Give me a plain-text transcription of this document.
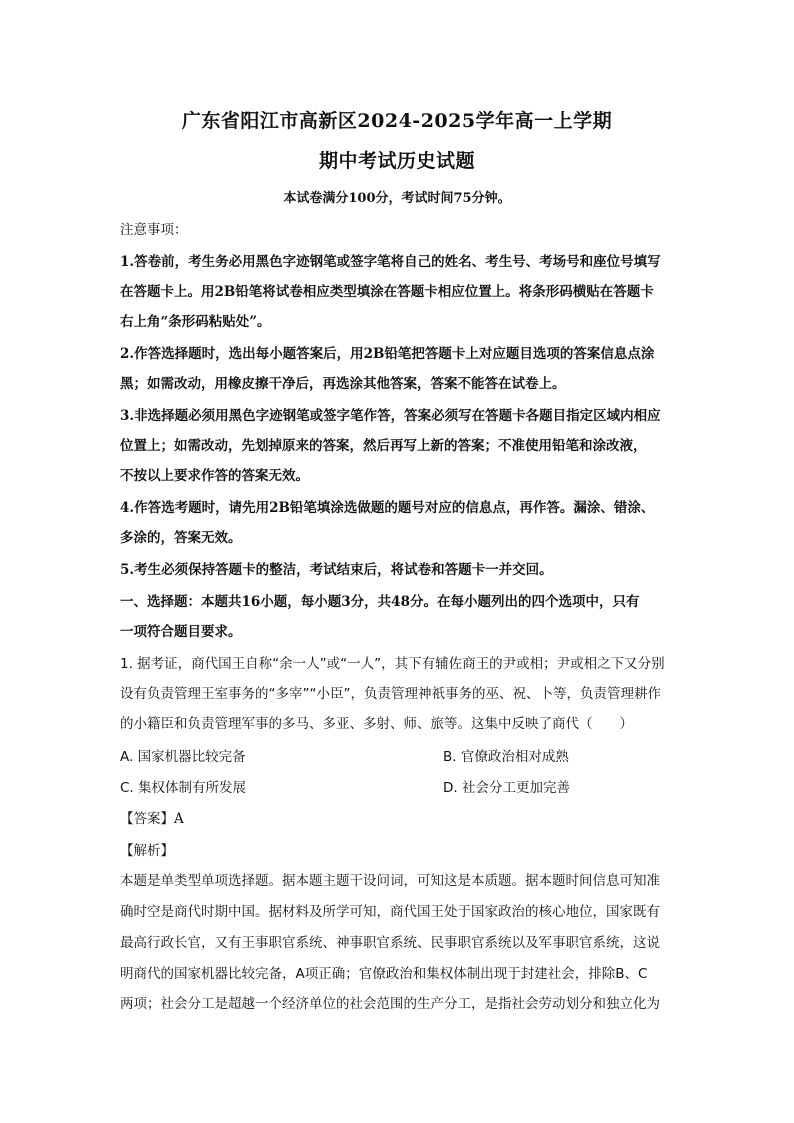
广东省阳江市高新区2024-2025学年高一上学期
期中考试历史试题
本试卷满分100分，考试时间75分钟。
注意事项：
1.答卷前，考生务必用黑色字迹钢笔或签字笔将自己的姓名、考生号、考场号和座位号填写
在答题卡上。用2B铅笔将试卷相应类型填涂在答题卡相应位置上。将条形码横贴在答题卡
右上角“条形码粘贴处”。
2.作答选择题时，选出每小题答案后，用2B铅笔把答题卡上对应题目选项的答案信息点涂
黑；如需改动，用橡皮擦干净后，再选涂其他答案，答案不能答在试卷上。
3.非选择题必须用黑色字迹钢笔或签字笔作答，答案必须写在答题卡各题目指定区域内相应
位置上；如需改动，先划掉原来的答案，然后再写上新的答案；不准使用铅笔和涂改液，
不按以上要求作答的答案无效。
4.作答选考题时，请先用2B铅笔填涂选做题的题号对应的信息点，再作答。漏涂、错涂、
多涂的，答案无效。
5.考生必须保持答题卡的整洁，考试结束后，将试卷和答题卡一并交回。
一、选择题：本题共16小题，每小题3分，共48分。在每小题列出的四个选项中，只有
一项符合题目要求。
1. 据考证，商代国王自称“余一人”或“一人”，其下有辅佐商王的尹或相；尹或相之下又分别
设有负责管理王室事务的“多宰”“小臣”，负责管理神祇事务的巫、祝、卜等，负责管理耕作
的小籍臣和负责管理军事的多马、多亚、多射、师、旅等。这集中反映了商代（　　）
A. 国家机器比较完备	B. 官僚政治相对成熟
C. 集权体制有所发展	D. 社会分工更加完善
【答案】A
【解析】
本题是单类型单项选择题。据本题主题干设问词，可知这是本质题。据本题时间信息可知准
确时空是商代时期中国。据材料及所学可知，商代国王处于国家政治的核心地位，国家既有
最高行政长官，又有王事职官系统、神事职官系统、民事职官系统以及军事职官系统，这说
明商代的国家机器比较完备，A项正确；官僚政治和集权体制出现于封建社会，排除B、C
两项；社会分工是超越一个经济单位的社会范围的生产分工，是指社会劳动划分和独立化为
